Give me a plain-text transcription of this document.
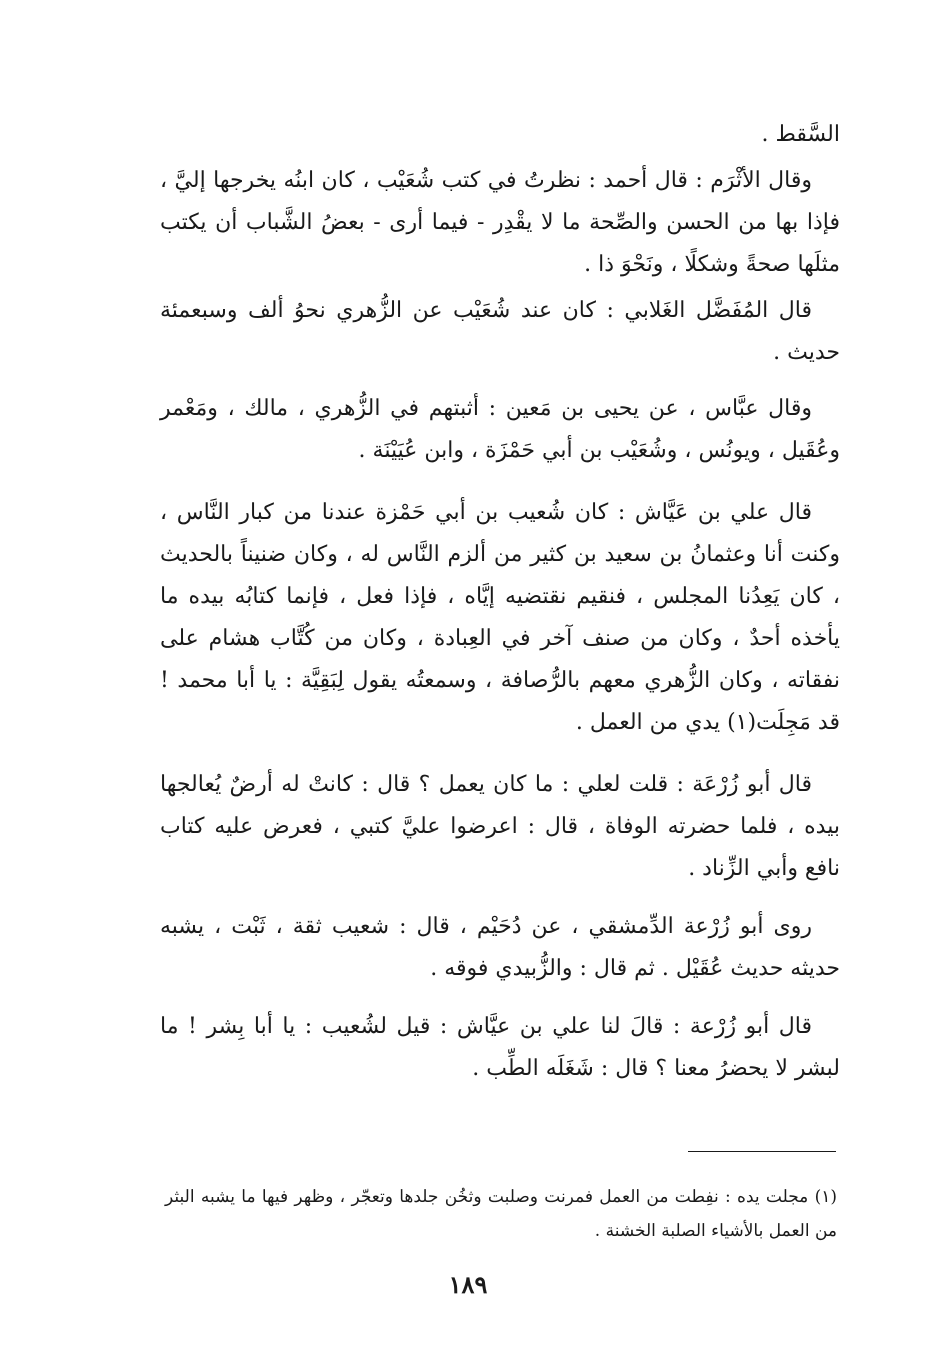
السَّقط .

وقال الأثْرَم : قال أحمد : نظرتُ في كتب شُعَيْب ، كان ابنُه يخرجها إليَّ ، فإذا بها من الحسن والصِّحة ما لا يقْدِر - فيما أرى - بعضُ الشَّباب أن يكتب مثلَها صحةً وشكلًا ، ونَحْوَ ذا .

قال المُفَضَّل الغَلابي : كان عند شُعَيْب عن الزُّهري نحوُ ألف وسبعمئة حديث .

وقال عبَّاس ، عن يحيى بن مَعين : أثبتهم في الزُّهري ، مالك ، ومَعْمر وعُقَيل ، ويونُس ، وشُعَيْب بن أبي حَمْزَة ، وابن عُيَيْنَة .

قال علي بن عَيَّاش : كان شُعيب بن أبي حَمْزة عندنا من كبار النَّاس ، وكنت أنا وعثمانُ بن سعيد بن كثير من ألزم النَّاس له ، وكان ضنيناً بالحديث ، كان يَعِدُنا المجلس ، فنقيم نقتضيه إيَّاه ، فإذا فعل ، فإنما كتابُه بيده ما يأخذه أحدٌ ، وكان من صنف آخر في العِبادة ، وكان من كُتَّاب هشام على نفقاته ، وكان الزُّهري معهم بالرُّصافة ، وسمعتُه يقول لِبَقِيَّة : يا أبا محمد ! قد مَجِلَت(١) يدي من العمل .

قال أبو زُرْعَة : قلت لعلي : ما كان يعمل ؟ قال : كانتْ له أرضٌ يُعالجها بيده ، فلما حضرته الوفاة ، قال : اعرضوا عليَّ كتبي ، فعرض عليه كتاب نافع وأبي الزِّناد .

روى أبو زُرْعة الدِّمشقي ، عن دُحَيْم ، قال : شعيب ثقة ، ثَبْت ، يشبه حديثه حديث عُقَيْل . ثم قال : والزُّبيدي فوقه .

قال أبو زُرْعة : قالَ لنا علي بن عيَّاش : قيل لشُعيب : يا أبا بِشر ! ما لبشر لا يحضرُ معنا ؟ قال : شَغَلَه الطِّب .

(١) مجلت يده : نفِطت من العمل فمرنت وصلبت وثخُن جلدها وتعجّر ، وظهر فيها ما يشبه البثر من العمل بالأشياء الصلبة الخشنة .

١٨٩
